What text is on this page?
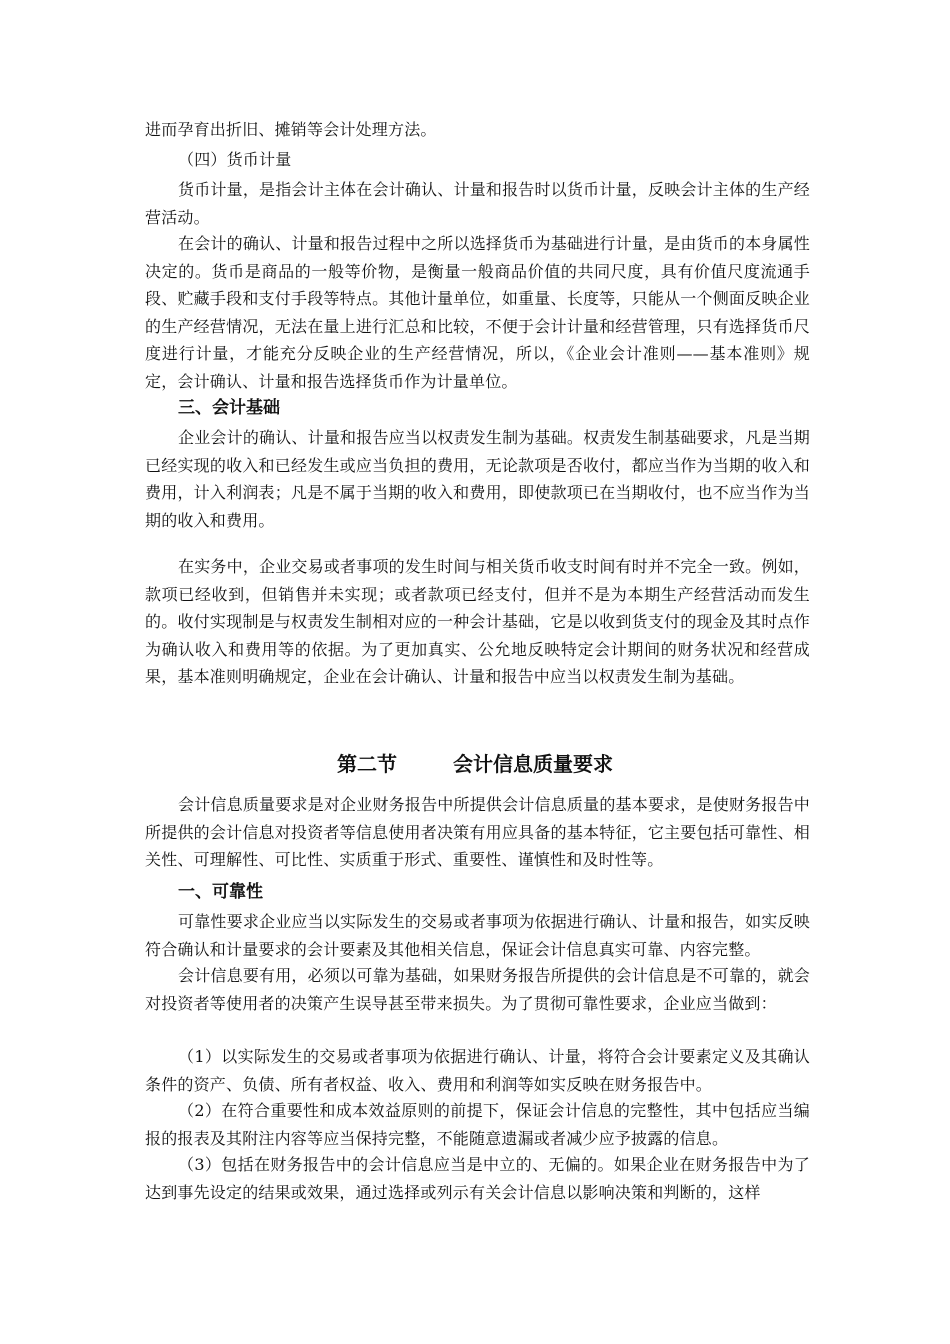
进而孕育出折旧、摊销等会计处理方法。

（四）货币计量

货币计量，是指会计主体在会计确认、计量和报告时以货币计量，反映会计主体的生产经营活动。

在会计的确认、计量和报告过程中之所以选择货币为基础进行计量，是由货币的本身属性决定的。货币是商品的一般等价物，是衡量一般商品价值的共同尺度，具有价值尺度流通手段、贮藏手段和支付手段等特点。其他计量单位，如重量、长度等，只能从一个侧面反映企业的生产经营情况，无法在量上进行汇总和比较，不便于会计计量和经营管理，只有选择货币尺度进行计量，才能充分反映企业的生产经营情况，所以，《企业会计准则——基本准则》规定，会计确认、计量和报告选择货币作为计量单位。

三、会计基础

企业会计的确认、计量和报告应当以权责发生制为基础。权责发生制基础要求，凡是当期已经实现的收入和已经发生或应当负担的费用，无论款项是否收付，都应当作为当期的收入和费用，计入利润表；凡是不属于当期的收入和费用，即使款项已在当期收付，也不应当作为当期的收入和费用。

在实务中，企业交易或者事项的发生时间与相关货币收支时间有时并不完全一致。例如，款项已经收到，但销售并未实现；或者款项已经支付，但并不是为本期生产经营活动而发生的。收付实现制是与权责发生制相对应的一种会计基础，它是以收到货支付的现金及其时点作为确认收入和费用等的依据。为了更加真实、公允地反映特定会计期间的财务状况和经营成果，基本准则明确规定，企业在会计确认、计量和报告中应当以权责发生制为基础。

第二节	会计信息质量要求

会计信息质量要求是对企业财务报告中所提供会计信息质量的基本要求，是使财务报告中所提供的会计信息对投资者等信息使用者决策有用应具备的基本特征，它主要包括可靠性、相关性、可理解性、可比性、实质重于形式、重要性、谨慎性和及时性等。

一、可靠性

可靠性要求企业应当以实际发生的交易或者事项为依据进行确认、计量和报告，如实反映符合确认和计量要求的会计要素及其他相关信息，保证会计信息真实可靠、内容完整。

会计信息要有用，必须以可靠为基础，如果财务报告所提供的会计信息是不可靠的，就会对投资者等使用者的决策产生误导甚至带来损失。为了贯彻可靠性要求，企业应当做到：

（1）以实际发生的交易或者事项为依据进行确认、计量，将符合会计要素定义及其确认条件的资产、负债、所有者权益、收入、费用和利润等如实反映在财务报告中。

（2）在符合重要性和成本效益原则的前提下，保证会计信息的完整性，其中包括应当编报的报表及其附注内容等应当保持完整，不能随意遗漏或者减少应予披露的信息。

（3）包括在财务报告中的会计信息应当是中立的、无偏的。如果企业在财务报告中为了达到事先设定的结果或效果，通过选择或列示有关会计信息以影响决策和判断的，这样
